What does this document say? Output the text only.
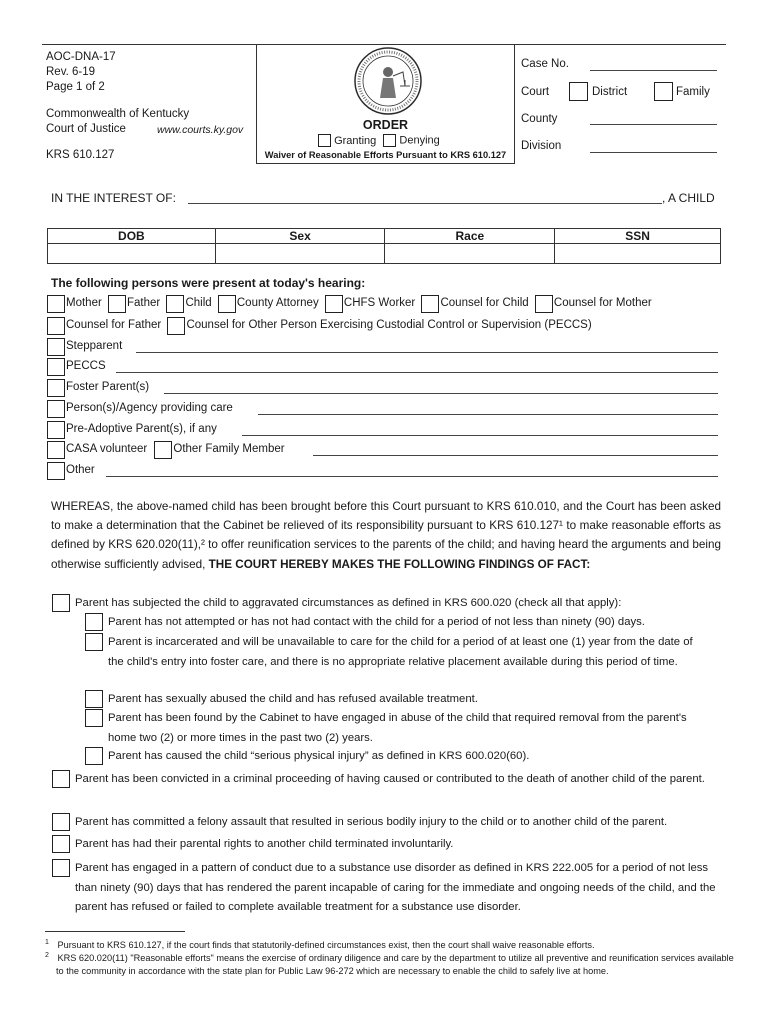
AOC-DNA-17
Rev. 6-19
Page 1 of 2
Commonwealth of Kentucky
Court of Justice	www.courts.ky.gov
KRS 610.127
ORDER
Granting Denying
Waiver of Reasonable Efforts Pursuant to KRS 610.127
Case No.
Court	District	Family
County
Division
IN THE INTEREST OF:	, A CHILD
DOB	Sex	Race	SSN

The following persons were present at today's hearing:
Mother Father Child County Attorney CHFS Worker Counsel for Child Counsel for Mother
Counsel for Father Counsel for Other Person Exercising Custodial Control or Supervision (PECCS)
Stepparent
PECCS
Foster Parent(s)
Person(s)/Agency providing care
Pre-Adoptive Parent(s), if any
CASA volunteer Other Family Member
Other
WHEREAS, the above-named child has been brought before this Court pursuant to KRS 610.010, and the Court has been asked to make a determination that the Cabinet be relieved of its responsibility pursuant to KRS 610.127¹ to make reasonable efforts as defined by KRS 620.020(11),² to offer reunification services to the parents of the child; and having heard the arguments and being otherwise sufficiently advised, THE COURT HEREBY MAKES THE FOLLOWING FINDINGS OF FACT:
Parent has subjected the child to aggravated circumstances as defined in KRS 600.020 (check all that apply):
Parent has not attempted or has not had contact with the child for a period of not less than ninety (90) days.
Parent is incarcerated and will be unavailable to care for the child for a period of at least one (1) year from the date of the child's entry into foster care, and there is no appropriate relative placement available during this period of time.
Parent has sexually abused the child and has refused available treatment.
Parent has been found by the Cabinet to have engaged in abuse of the child that required removal from the parent's home two (2) or more times in the past two (2) years.
Parent has caused the child “serious physical injury” as defined in KRS 600.020(60).
Parent has been convicted in a criminal proceeding of having caused or contributed to the death of another child of the parent.
Parent has committed a felony assault that resulted in serious bodily injury to the child or to another child of the parent.
Parent has had their parental rights to another child terminated involuntarily.
Parent has engaged in a pattern of conduct due to a substance use disorder as defined in KRS 222.005 for a period of not less than ninety (90) days that has rendered the parent incapable of caring for the immediate and ongoing needs of the child, and the parent has refused or failed to complete available treatment for a substance use disorder.
$^1$ Pursuant to KRS 610.127, if the court finds that statutorily-defined circumstances exist, then the court shall waive reasonable efforts.
$^2$ KRS 620.020(11) "Reasonable efforts" means the exercise of ordinary diligence and care by the department to utilize all preventive and reunification services available to the community in accordance with the state plan for Public Law 96-272 which are necessary to enable the child to safely live at home.
